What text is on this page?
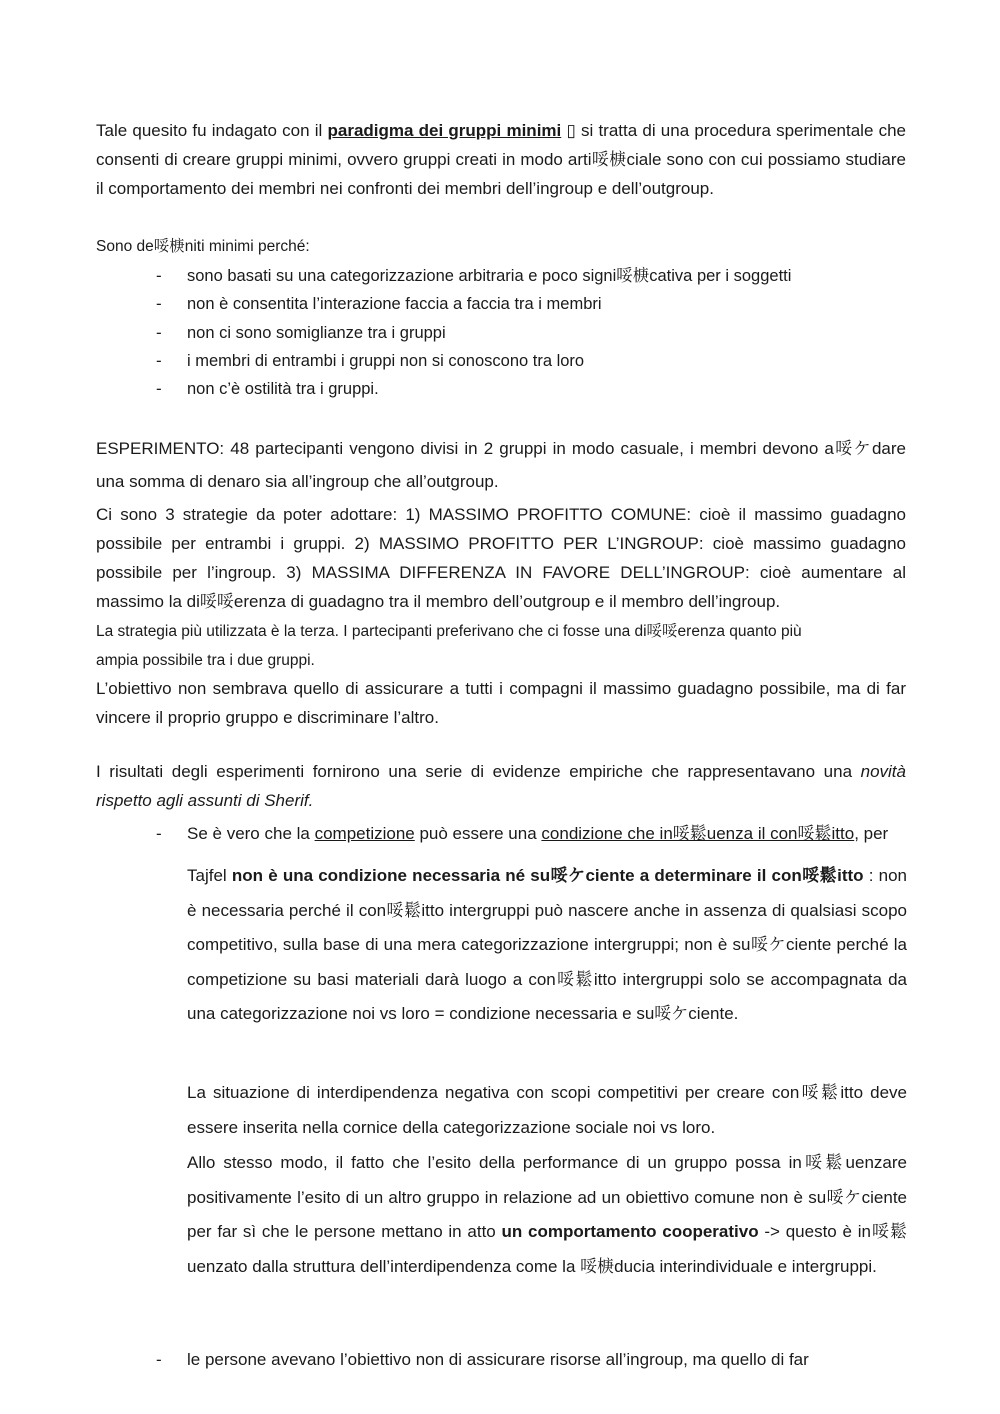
Tale quesito fu indagato con il paradigma dei gruppi minimi ▯ si tratta di una procedura sperimentale che consenti di creare gruppi minimi, ovvero gruppi creati in modo arti哸椩ciale sono con cui possiamo studiare il comportamento dei membri nei confronti dei membri dell’ingroup e dell’outgroup.

Sono de哸椩niti minimi perché:

- sono basati su una categorizzazione arbitraria e poco signi哸椩cativa per i soggetti

- non è consentita l’interazione faccia a faccia tra i membri

- non ci sono somiglianze tra i gruppi

- i membri di entrambi i gruppi non si conoscono tra loro

- non c’è ostilità tra i gruppi.

ESPERIMENTO: 48 partecipanti vengono divisi in 2 gruppi in modo casuale, i membri devono a哸ケdare una somma di denaro sia all’ingroup che all’outgroup.

Ci sono 3 strategie da poter adottare: 1) MASSIMO PROFITTO COMUNE: cioè il massimo guadagno possibile per entrambi i gruppi. 2) MASSIMO PROFITTO PER L’INGROUP: cioè massimo guadagno possibile per l’ingroup. 3) MASSIMA DIFFERENZA IN FAVORE DELL’INGROUP: cioè aumentare al massimo la di哸哸erenza di guadagno tra il membro dell’outgroup e il membro dell’ingroup.

La strategia più utilizzata è la terza. I partecipanti preferivano che ci fosse una di哸哸erenza quanto più

ampia possibile tra i due gruppi.

L’obiettivo non sembrava quello di assicurare a tutti i compagni il massimo guadagno possibile, ma di far vincere il proprio gruppo e discriminare l’altro.

I risultati degli esperimenti fornirono una serie di evidenze empiriche che rappresentavano una novità rispetto agli assunti di Sherif.

- Se è vero che la competizione può essere una condizione che in哸鬆uenza il con哸鬆itto, per

Tajfel non è una condizione necessaria né su哸ケciente a determinare il con哸鬆itto : non è necessaria perché il con哸鬆itto intergruppi può nascere anche in assenza di qualsiasi scopo competitivo, sulla base di una mera categorizzazione intergruppi; non è su哸ケciente perché la competizione su basi materiali darà luogo a con哸鬆itto intergruppi solo se accompagnata da una categorizzazione noi vs loro = condizione necessaria e su哸ケciente.

La situazione di interdipendenza negativa con scopi competitivi per creare con哸鬆itto deve essere inserita nella cornice della categorizzazione sociale noi vs loro.

Allo stesso modo, il fatto che l’esito della performance di un gruppo possa in哸鬆uenzare positivamente l’esito di un altro gruppo in relazione ad un obiettivo comune non è su哸ケciente per far sì che le persone mettano in atto un comportamento cooperativo -> questo è in哸鬆uenzato dalla struttura dell’interdipendenza come la 哸椩ducia interindividuale e intergruppi.

- le persone avevano l’obiettivo non di assicurare risorse all’ingroup, ma quello di far
